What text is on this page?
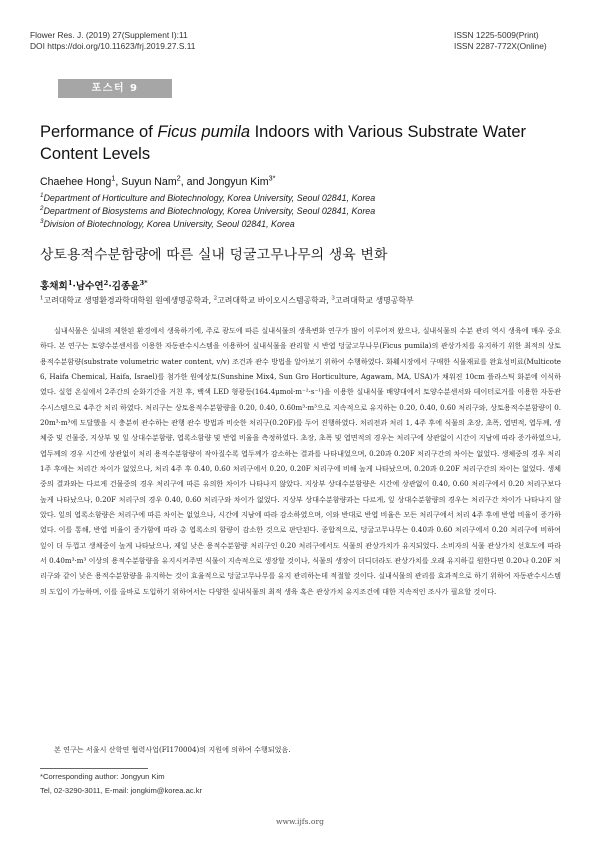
Flower Res. J. (2019) 27(Supplement I):11
DOI https://doi.org/10.11623/frj.2019.27.S.11
ISSN 1225-5009(Print)
ISSN 2287-772X(Online)
포스터 9
Performance of Ficus pumila Indoors with Various Substrate Water Content Levels
Chaehee Hong$^1$, Suyun Nam$^2$, and Jongyun Kim$^{3*}$
$^1$Department of Horticulture and Biotechnology, Korea University, Seoul 02841, Korea
$^2$Department of Biosystems and Biotechnology, Korea University, Seoul 02841, Korea
$^3$Division of Biotechnology, Korea University, Seoul 02841, Korea
상토용적수분함량에 따른 실내 덩굴고무나무의 생육 변화
홍채희$^1$·남수연$^2$·김종윤$^{3*}$
$^1$고려대학교 생명환경과학대학원 원예생명공학과, $^2$고려대학교 바이오시스템공학과, $^3$고려대학교 생명공학부

실내식물은 실내의 제한된 환경에서 생육하기에, 주로 광도에 따른 실내식물의 생육변화 연구가 많이 이루어져 왔으나, 실내식물의 수분 관리 역시 생육에 매우 중요하다. 본 연구는 토양수분센서를 이용한 자동관수시스템을 이용하여 실내식물을 관리할 시 반엽 덩굴고무나무(Ficus pumila)의 관상가치를 유지하기 위한 최적의 상토용적수분함량(substrate volumetric water content, v/v) 조건과 관수 방법을 알아보기 위하여 수행하였다. 화훼시장에서 구매한 식물재료를 완효성비료(Multicote 6, Haifa Chemical, Haifa, Israel)를 첨가한 원예상토(Sunshine Mix4, Sun Gro Horticulture, Agawam, MA, USA)가 채워진 10cm 플라스틱 화분에 이식하였다. 실험 온실에서 2주간의 순화기간을 거친 후, 백색 LED 형광등(164.4μmol·m⁻²·s⁻¹)을 이용한 실내식물 배양대에서 토양수분센서와 데이터로거를 이용한 자동관수시스템으로 4주간 처리 하였다. 처리구는 상토용적수분함량을 0.20, 0.40, 0.60m³·m³으로 지속적으로 유지하는 0.20, 0.40, 0.60 처리구와, 상토용적수분함량이 0.20m³·m³에 도달했을 시 충분히 관수하는 관행 관수 방법과 비슷한 처리구(0.20F)를 두어 진행하였다. 처리전과 처리 1, 4주 후에 식물의 초장, 초폭, 엽면적, 엽두께, 생체중 및 건물중, 지상부 및 잎 상대수분함량, 엽록소함량 및 반엽 비율을 측정하였다. 초장, 초폭 및 엽면적의 경우는 처리구에 상관없이 시간이 지남에 따라 증가하였으나, 엽두께의 경우 시간에 상관없이 처리 용적수분함량이 작아질수록 엽두께가 감소하는 결과를 나타내었으며, 0.20과 0.20F 처리구간의 차이는 없었다. 생체중의 경우 처리 1주 후에는 처리간 차이가 없었으나, 처리 4주 후 0.40, 0.60 처리구에서 0.20, 0.20F 처리구에 비해 높게 나타났으며, 0.20과 0.20F 처리구간의 차이는 없었다. 생체중의 결과와는 다르게 건물중의 경우 처리구에 따른 유의한 차이가 나타나지 않았다. 지상부 상대수분함량은 시간에 상관없이 0.40, 0.60 처리구에서 0.20 처리구보다 높게 나타났으나, 0.20F 처리구의 경우 0.40, 0.60 처리구와 차이가 없었다. 지상부 상대수분함량과는 다르게, 잎 상대수분함량의 경우는 처리구간 차이가 나타나지 않았다. 잎의 엽록소함량은 처리구에 따른 차이는 없었으나, 시간에 지남에 따라 감소하였으며, 이와 반대로 반엽 비율은 모든 처리구에서 처리 4주 후에 반엽 비율이 증가하였다. 이를 통해, 반엽 비율이 증가함에 따라 총 엽록소의 함량이 감소한 것으로 판단된다. 종합적으로, 덩굴고무나무는 0.40과 0.60 처리구에서 0.20 처리구에 비하여 잎이 더 두껍고 생체중이 높게 나타났으나, 제일 낮은 용적수분함량 처리구인 0.20 처리구에서도 식물의 관상가치가 유지되었다. 소비자의 식물 관상가치 선호도에 따라서 0.40m³·m³ 이상의 용적수분함량을 유지시켜주면 식물이 지속적으로 생장할 것이나, 식물의 생장이 더디더라도 관상가치를 오래 유지하길 원한다면 0.20나 0.20F 처리구와 같이 낮은 용적수분함량을 유지하는 것이 효율적으로 덩굴고무나무를 유지 관리하는데 적절할 것이다. 실내식물의 관리를 효과적으로 하기 위하여 자동관수시스템의 도입이 가능하며, 이를 올바로 도입하기 위하여서는 다양한 실내식물의 최적 생육 혹은 관상가치 유지조건에 대한 지속적인 조사가 필요할 것이다.

본 연구는 서울시 산학연 협력사업(FI170004)의 지원에 의하여 수행되었음.

*Corresponding author: Jongyun Kim
Tel, 02-3290-3011, E-mail: jongkim@korea.ac.kr
www.ijfs.org
